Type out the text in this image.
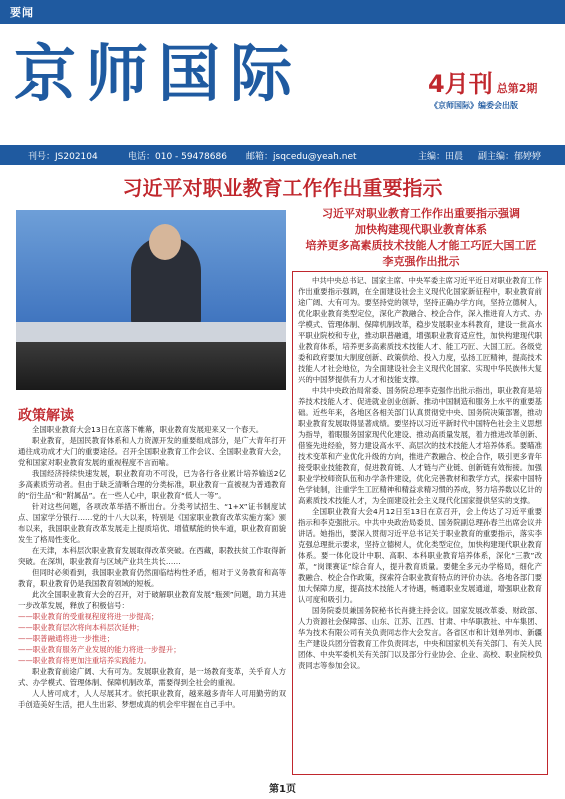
要闻
京师国际	4月刊 总第2期
《京师国际》编委会出版
刊号：JS202104	电话：010 - 59478686 邮箱：jsqcedu@yeah.net	主编：田晨 副主编：郁婷婷
习近平对职业教育工作作出重要指示
习近平对职业教育工作作出重要指示强调
加快构建现代职业教育体系
培养更多高素质技术技能人才能工巧匠大国工匠
李克强作出批示

中共中央总书记、国家主席、中央军委主席习近平近日对职业教育工作作出重要指示强调，在全面建设社会主义现代化国家新征程中，职业教育前途广阔、大有可为。要坚持党的领导，坚持正确办学方向，坚持立德树人，优化职业教育类型定位，深化产教融合、校企合作，深入推进育人方式、办学模式、管理体制、保障机制改革，稳步发展职业本科教育，建设一批高水平职业院校和专业，推动职普融通，增强职业教育适应性，加快构建现代职业教育体系，培养更多高素质技术技能人才、能工巧匠、大国工匠。各级党委和政府要加大制度创新、政策供给、投入力度，弘扬工匠精神，提高技术技能人才社会地位，为全面建设社会主义现代化国家、实现中华民族伟大复兴的中国梦提供有力人才和技能支撑。

中共中央政治局常委、国务院总理李克强作出批示指出，职业教育是培养技术技能人才、促进就业创业创新、推动中国制造和服务上水平的重要基础。近些年来，各地区各相关部门认真贯彻党中央、国务院决策部署，推动职业教育发展取得显著成绩。要坚持以习近平新时代中国特色社会主义思想为指导，着眼服务国家现代化建设、推动高质量发展，着力推进改革创新、借鉴先进经验，努力建设高水平、高层次的技术技能人才培养体系。要瞄准技术变革和产业优化升级的方向，推进产教融合、校企合作，吸引更多青年接受职业技能教育，促进教育链、人才链与产业链、创新链有效衔接。加强职业学校师资队伍和办学条件建设，优化完善教材和教学方式，探索中国特色学徒制，注重学生工匠精神和精益求精习惯的养成，努力培养数以亿计的高素质技术技能人才，为全面建设社会主义现代化国家提供坚实的支撑。

全国职业教育大会4月12日至13日在京召开，会上传达了习近平重要指示和李克强批示。中共中央政治局委员、国务院副总理孙春兰出席会议并讲话。她指出，要深入贯彻习近平总书记关于职业教育的重要指示，落实李克强总理批示要求，坚持立德树人，优化类型定位，加快构建现代职业教育体系。要一体化设计中职、高职、本科职业教育培养体系，深化“三教”改革，“岗课赛证”综合育人，提升教育质量。要健全多元办学格局，细化产教融合、校企合作政策，探索符合职业教育特点的评价办法。各地各部门要加大保障力度，提高技术技能人才待遇，畅通职业发展通道，增强职业教育认可度和吸引力。

国务院委员兼国务院秘书长肖捷主持会议。国家发展改革委、财政部、人力资源社会保障部、山东、江苏、江西、甘肃、中华职教社、中车集团、华为技术有限公司有关负责同志作大会发言。各省区市和计划单列市、新疆生产建设兵团分管教育工作负责同志，中央和国家机关有关部门、有关人民团体、中央军委机关有关部门以及部分行业协会、企业、高校、职业院校负责同志等参加会议。

政策解读

全国职业教育大会13日在京落下帷幕，职业教育发展迎来又一个春天。

职业教育，是国民教育体系和人力资源开发的重要组成部分，是广大青年打开通往成功成才大门的重要途径。召开全国职业教育工作会议、全国职业教育大会，党和国家对职业教育发展的重视程度不言而喻。

我国经济持续快速发展，职业教育功不可没，已为各行各业累计培养输送2亿多高素质劳动者。但由于缺乏清晰合理的分类标准，职业教育一直被视为普通教育的“衍生品”和“附属品”。在一些人心中，职业教育“低人一等”。

针对这些问题，各项改革举措不断出台。分类考试招生、“1+X”证书制度试点、国家学分银行……党的十八大以来，特别是《国家职业教育改革实施方案》颁布以来，我国职业教育改革发展走上提质培优、增值赋能的快车道，职业教育面貌发生了格局性变化。

在天津，本科层次职业教育发展取得改革突破。在西藏，职教扶贫工作取得新突破。在深圳，职业教育与区域产业共生共长……

但同时必须看到，我国职业教育仍然面临结构性矛盾，相对于义务教育和高等教育，职业教育仍是我国教育领域的短板。

此次全国职业教育大会的召开，对于破解职业教育发展“瓶颈”问题，助力其进一步改革发展，释放了积极信号：

——职业教育的受重视程度将进一步提高；

——职业教育层次将向本科层次延伸；

——职普融通将进一步推进；

——职业教育服务产业发展的能力将进一步提升；

——职业教育将更加注重培养实践能力。

职业教育前途广阔、大有可为。发展职业教育，是一场教育变革，关乎育人方式、办学模式、管理体制、保障机制改革，需要得到全社会的重视。

人人皆可成才，人人尽展其才。依托职业教育，越来越多青年人可用勤劳的双手创造美好生活，把人生出彩、梦想成真的机会牢牢握在自己手中。

第1页
